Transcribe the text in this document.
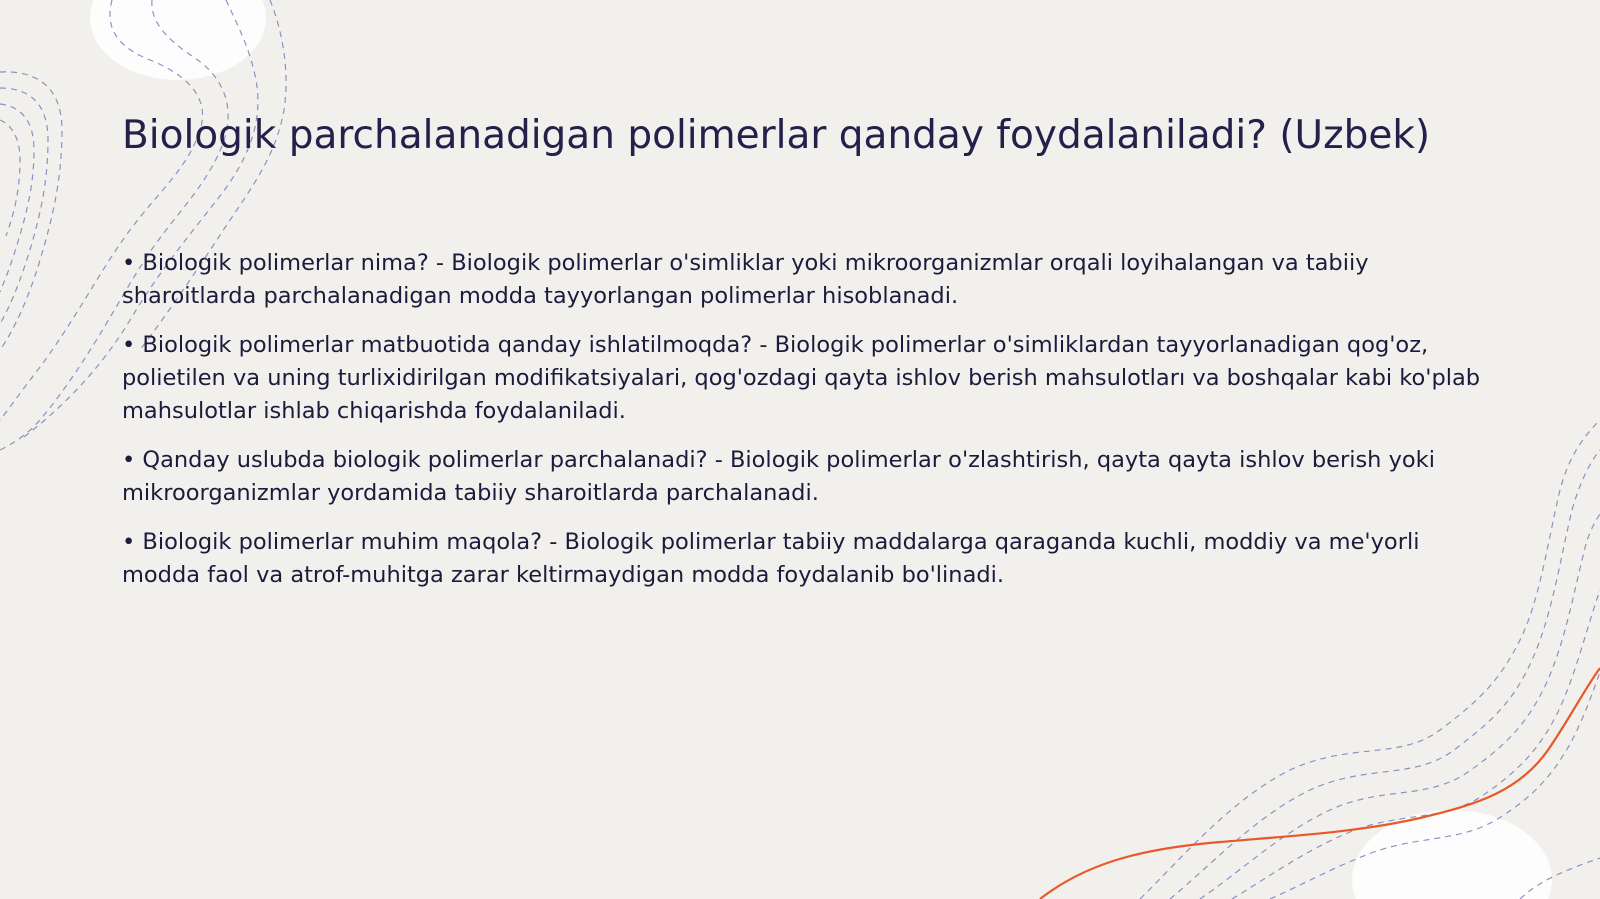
Biologik parchalanadigan polimerlar qanday foydalaniladi? (Uzbek)
• Biologik polimerlar nima? - Biologik polimerlar o'simliklar yoki mikroorganizmlar orqali loyihalangan va tabiiy sharoitlarda parchalanadigan modda tayyorlangan polimerlar hisoblanadi.
• Biologik polimerlar matbuotida qanday ishlatilmoqda? - Biologik polimerlar o'simliklardan tayyorlanadigan qog'oz, polietilen va uning turlixidirilgan modifikatsiyalari, qog'ozdagi qayta ishlov berish mahsulotları va boshqalar kabi ko'plab mahsulotlar ishlab chiqarishda foydalaniladi.
• Qanday uslubda biologik polimerlar parchalanadi? - Biologik polimerlar o'zlashtirish, qayta qayta ishlov berish yoki mikroorganizmlar yordamida tabiiy sharoitlarda parchalanadi.
• Biologik polimerlar muhim maqola? - Biologik polimerlar tabiiy maddalarga qaraganda kuchli, moddiy va me'yorli modda faol va atrof-muhitga zarar keltirmaydigan modda foydalanib bo'linadi.
